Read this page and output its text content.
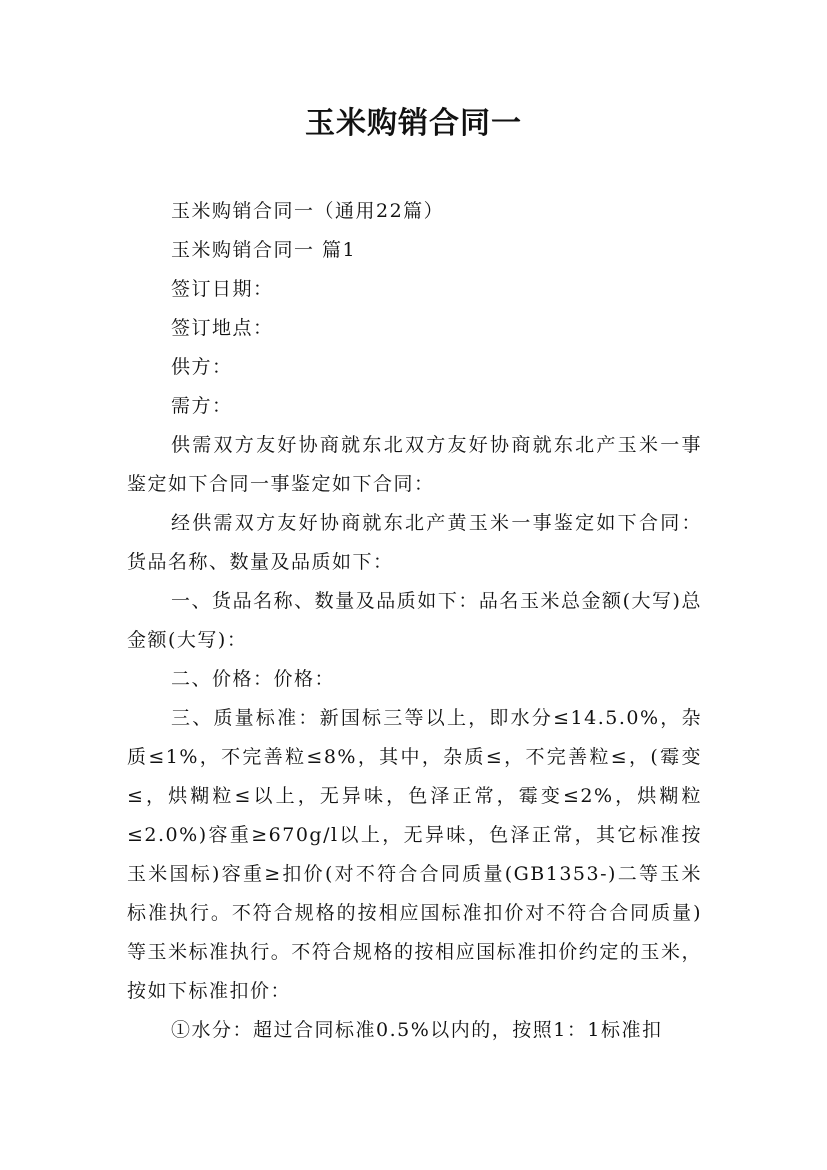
玉米购销合同一

玉米购销合同一（通用22篇）

玉米购销合同一 篇1

签订日期：

签订地点：

供方：

需方：

供需双方友好协商就东北双方友好协商就东北产玉米一事鉴定如下合同一事鉴定如下合同：

经供需双方友好协商就东北产黄玉米一事鉴定如下合同：货品名称、数量及品质如下：

一、货品名称、数量及品质如下：品名玉米总金额(大写)总金额(大写)：

二、价格：价格：

三、质量标准：新国标三等以上，即水分≤14.5.0%，杂质≤1%，不完善粒≤8%，其中，杂质≤，不完善粒≤，(霉变≤，烘糊粒≤以上，无异味，色泽正常，霉变≤2%，烘糊粒≤2.0%)容重≥670g/l以上，无异味，色泽正常，其它标准按玉米国标)容重≥扣价(对不符合合同质量(GB1353-)二等玉米标准执行。不符合规格的按相应国标准扣价对不符合合同质量)等玉米标准执行。不符合规格的按相应国标准扣价约定的玉米，按如下标准扣价：

①水分：超过合同标准0.5%以内的，按照1：1标准扣
